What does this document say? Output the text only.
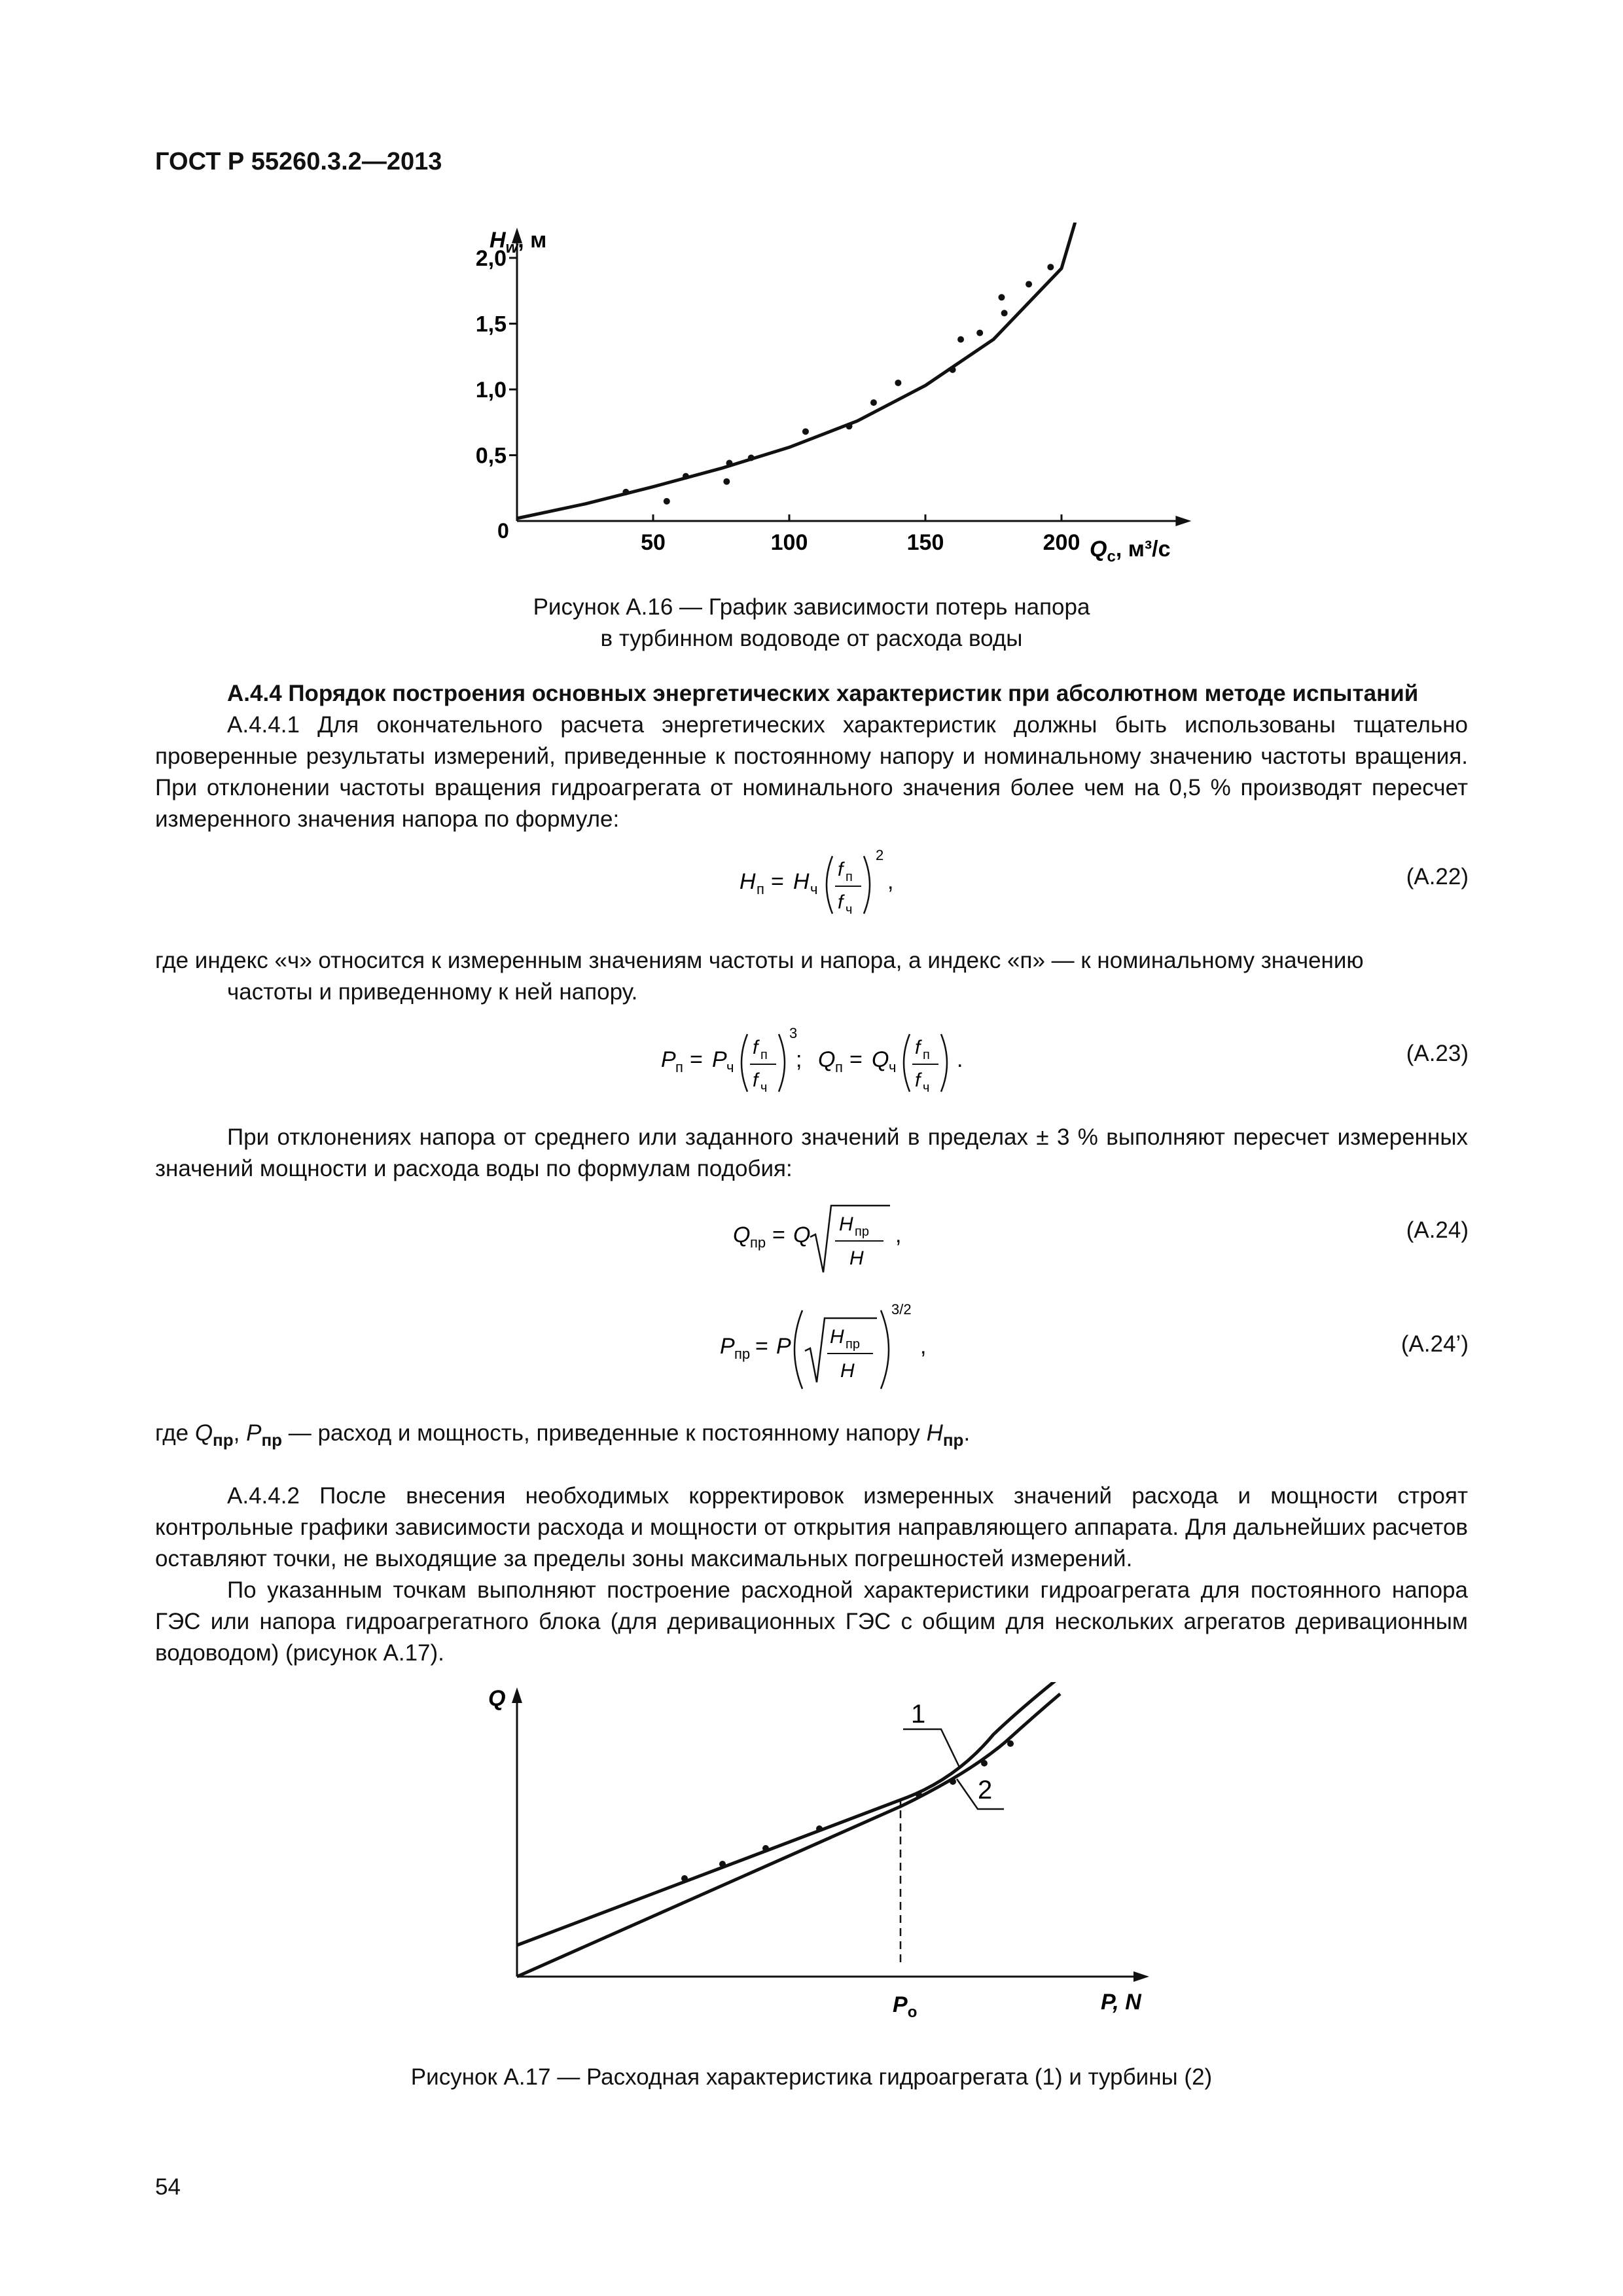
ГОСТ Р 55260.3.2—2013
50	100	150	200
0,5
1,0
1,5
2,0
$H_w$, м
0
$Q_c$, м³/с
Рисунок А.16 — График зависимости потерь напора
в турбинном водоводе от расхода воды
А.4.4 Порядок построения основных энергетических характеристик при абсолютном методе испытаний
А.4.4.1 Для окончательного расчета энергетических характеристик должны быть использованы тщательно проверенные результаты измерений, приведенные к постоянному напору и номинальному значению частоты вращения. При отклонении частоты вращения гидроагрегата от номинального значения более чем на 0,5 % производят пересчет измеренного значения напора по формуле:
H п = H ч
f п
f ч
2
,	(А.22)
где индекс «ч» относится к измеренным значениям частоты и напора, а индекс «п» — к номинальному значению
частоты и приведенному к ней напору.
P п = P ч
f п
f ч
3
; Q п = Q ч
f п
f ч
.	(А.23)
При отклонениях напора от среднего или заданного значений в пределах ± 3 % выполняют пересчет измеренных значений мощности и расхода воды по формулам подобия:
Q пр = Q H пр
H
,	(А.24)
P пр = P H пр
H
3/2
,	(А.24’)
где $Q_{пр}$, $P_{пр}$ — расход и мощность, приведенные к постоянному напору $H_{пр}$.
А.4.4.2 После внесения необходимых корректировок измеренных значений расхода и мощности строят контрольные графики зависимости расхода и мощности от открытия направляющего аппарата. Для дальнейших расчетов оставляют точки, не выходящие за пределы зоны максимальных погрешностей измерений.
По указанным точкам выполняют построение расходной характеристики гидроагрегата для постоянного напора ГЭС или напора гидроагрегатного блока (для деривационных ГЭС с общим для нескольких агрегатов деривационным водоводом) (рисунок А.17).
Q
P, N
$P_o$
1
2
Рисунок А.17 — Расходная характеристика гидроагрегата (1) и турбины (2)
54
